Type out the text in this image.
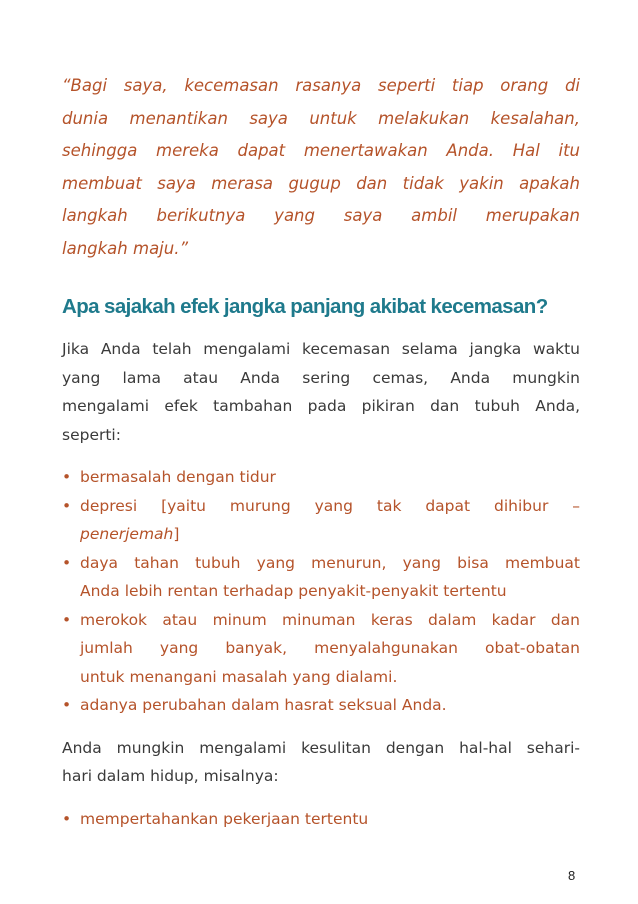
“Bagi saya, kecemasan rasanya seperti tiap orang di
dunia menantikan saya untuk melakukan kesalahan,
sehingga mereka dapat menertawakan Anda. Hal itu
membuat saya merasa gugup dan tidak yakin apakah
langkah berikutnya yang saya ambil merupakan
langkah maju.”

Apa sajakah efek jangka panjang akibat kecemasan?

Jika Anda telah mengalami kecemasan selama jangka waktu
yang lama atau Anda sering cemas, Anda mungkin
mengalami efek tambahan pada pikiran dan tubuh Anda,
seperti:

• bermasalah dengan tidur
• depresi [yaitu murung yang tak dapat dihibur –
penerjemah]
• daya tahan tubuh yang menurun, yang bisa membuat
Anda lebih rentan terhadap penyakit-penyakit tertentu
• merokok atau minum minuman keras dalam kadar dan
jumlah yang banyak, menyalahgunakan obat-obatan
untuk menangani masalah yang dialami.
• adanya perubahan dalam hasrat seksual Anda.

Anda mungkin mengalami kesulitan dengan hal-hal sehari-
hari dalam hidup, misalnya:

• mempertahankan pekerjaan tertentu
8
